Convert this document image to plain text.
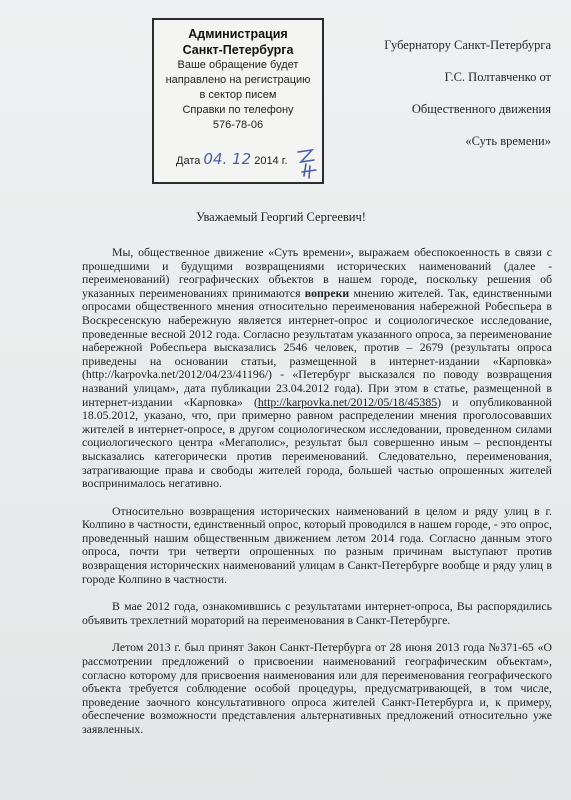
Администрация
Санкт-Петербурга
Ваше обращение будет
направлено на регистрацию
в сектор писем
Справки по телефону
576-78-06
Дата 04. 12 2014 г.
Губернатору Санкт-Петербурга
Г.С. Полтавченко от
Общественного движения
«Суть времени»
Уважаемый Георгий Сергеевич!

Мы, общественное движение «Суть времени», выражаем обеспокоенность в связи с прошедшими и будущими возвращениями исторических наименований (далее - переименований) географических объектов в нашем городе, поскольку решения об указанных переименованиях принимаются вопреки мнению жителей. Так, единственными опросами общественного мнения относительно переименования набережной Робеспьера в Воскресенскую набережную является интернет-опрос и социологическое исследование, проведенные весной 2012 года. Согласно результатам указанного опроса, за переименование набережной Робеспьера высказались 2546 человек, против – 2679 (результаты опроса приведены на основании статьи, размещенной в интернет-издании «Карповка» (http://karpovka.net/2012/04/23/41196/) - «Петербург высказался по поводу возвращения названий улицам», дата публикации 23.04.2012 года). При этом в статье, размещенной в интернет-издании «Карповка» (http://karpovka.net/2012/05/18/45385) и опубликованной 18.05.2012, указано, что, при примерно равном распределении мнения проголосовавших жителей в интернет-опросе, в другом социологическом исследовании, проведенном силами социологического центра «Мегаполис», результат был совершенно иным – респонденты высказались категорически против переименований. Следовательно, переименования, затрагивающие права и свободы жителей города, большей частью опрошенных жителей воспринималось негативно.

Относительно возвращения исторических наименований в целом и ряду улиц в г. Колпино в частности, единственный опрос, который проводился в нашем городе, - это опрос, проведенный нашим общественным движением летом 2014 года. Согласно данным этого опроса, почти три четверти опрошенных по разным причинам выступают против возвращения исторических наименований улицам в Санкт-Петербурге вообще и ряду улиц в городе Колпино в частности.

В мае 2012 года, ознакомившись с результатами интернет-опроса, Вы распорядились объявить трехлетний мораторий на переименования в Санкт-Петербурге.

Летом 2013 г. был принят Закон Санкт-Петербурга от 28 июня 2013 года №371-65 «О рассмотрении предложений о присвоении наименований географическим объектам», согласно которому для присвоения наименования или для переименования географического объекта требуется соблюдение особой процедуры, предусматривающей, в том числе, проведение заочного консультативного опроса жителей Санкт-Петербурга и, к примеру, обеспечение возможности представления альтернативных предложений относительно уже заявленных.
